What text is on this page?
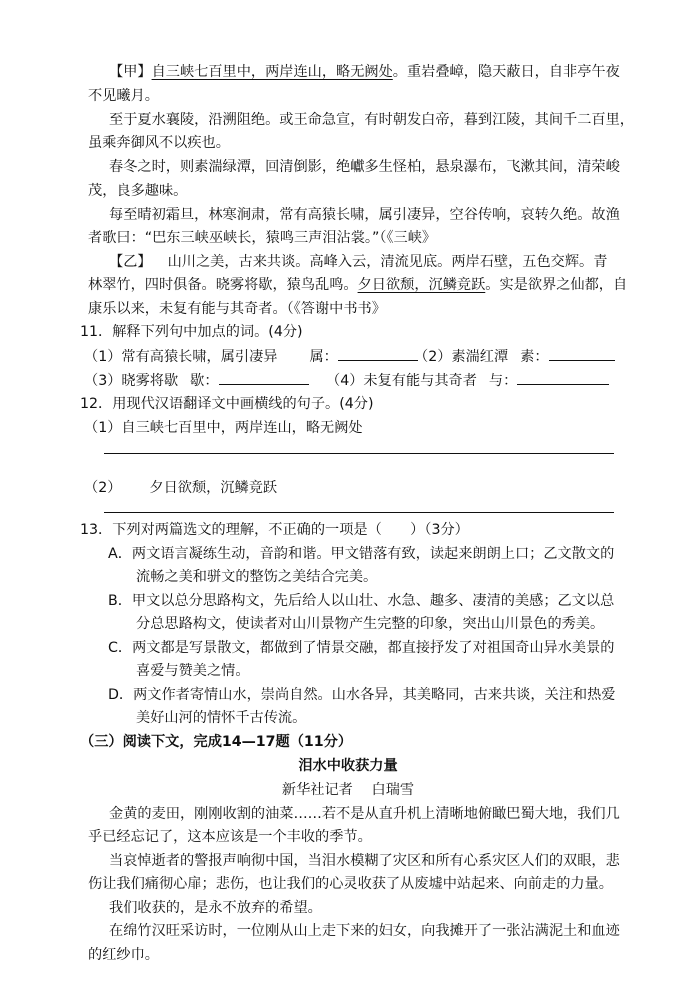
【甲】自三峡七百里中，两岸连山，略无阙处。重岩叠嶂，隐天蔽日，自非亭午夜
不见曦月。
至于夏水襄陵，沿溯阻绝。或王命急宣，有时朝发白帝，暮到江陵，其间千二百里，
虽乘奔御风不以疾也。
春冬之时，则素湍绿潭，回清倒影，绝巘多生怪柏，悬泉瀑布，飞漱其间，清荣峻
茂，良多趣味。
每至晴初霜旦，林寒涧肃，常有高猿长啸，属引凄异，空谷传响，哀转久绝。故渔
者歌曰：“巴东三峡巫峡长，猿鸣三声泪沾裳。”（《三峡》
【乙】 山川之美，古来共谈。高峰入云，清流见底。两岸石壁，五色交辉。青
林翠竹，四时俱备。晓雾将歇，猿鸟乱鸣。夕日欲颓，沉鳞竞跃。实是欲界之仙都，自
康乐以来，未复有能与其奇者。（《答谢中书书》
11．解释下列句中加点的词。(4分)
（1）常有高猿长啸，属引凄异 属：	（2）素湍红潭 素：
（3）晓雾将歇 歇：	（4）未复有能与其奇者 与：
12．用现代汉语翻译文中画横线的句子。(4分)
（1）自三峡七百里中，两岸连山，略无阙处
（2） 夕日欲颓，沉鳞竞跃
13．下列对两篇选文的理解，不正确的一项是（　　）（3分）
A．两文语言凝练生动，音韵和谐。甲文错落有致，读起来朗朗上口；乙文散文的
流畅之美和骈文的整饬之美结合完美。
B．甲文以总分思路构文，先后给人以山壮、水急、趣多、凄清的美感；乙文以总
分总思路构文，使读者对山川景物产生完整的印象，突出山川景色的秀美。
C．两文都是写景散文，都做到了情景交融，都直接抒发了对祖国奇山异水美景的
喜爱与赞美之情。
D．两文作者寄情山水，崇尚自然。山水各异，其美略同，古来共谈，关注和热爱
美好山河的情怀千古传流。
（三）阅读下文，完成14—17题（11分）
泪水中收获力量
新华社记者　 白瑞雪
金黄的麦田，刚刚收割的油菜……若不是从直升机上清晰地俯瞰巴蜀大地，我们几
乎已经忘记了，这本应该是一个丰收的季节。
当哀悼逝者的警报声响彻中国，当泪水模糊了灾区和所有心系灾区人们的双眼，悲
伤让我们痛彻心扉；悲伤，也让我们的心灵收获了从废墟中站起来、向前走的力量。
我们收获的，是永不放弃的希望。
在绵竹汉旺采访时，一位刚从山上走下来的妇女，向我摊开了一张沾满泥土和血迹
的红纱巾。
